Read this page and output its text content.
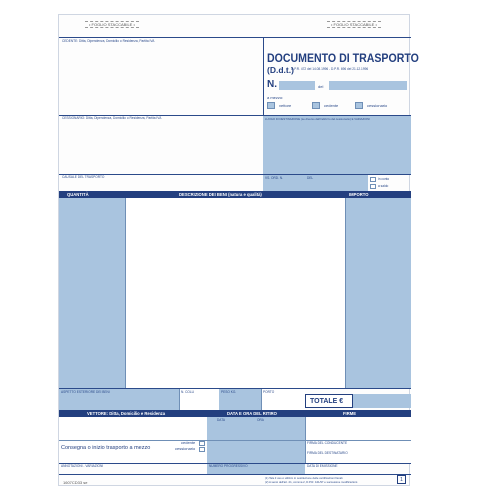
• FOGLIO STACCABILE •	• FOGLIO STACCABILE •
CEDENTE: Ditta, Dipendenza, Domicilio o Residenza, Partita IVA
DOCUMENTO DI TRASPORTO
(D.d.t.)
D.P.R. 472 del 14.08.1996 - D.P.R. 696 del 21.12.1996
N.	del
a mezzo:
vettore	cedente	cessionario
CESSIONARIO: Ditta, Dipendenza, Domicilio o Residenza, Partita IVA	LUOGO DI DESTINAZIONE (se diverso dall'indirizzo del cessionario) E VARIAZIONI
CAUSALE DEL TRASPORTO	VS. ORD. N.	DEL	in conto
a saldo
QUANTITÀ	DESCRIZIONE DEI BENI (natura e qualità)	IMPORTO
ASPETTO ESTERIORE DEI BENI	N. COLLI	PESO KG.	PORTO
TOTALE €
VETTORE: Ditta, Domicilio e Residenza	DATA E ORA DEL RITIRO	FIRME
DATA	ORA
Consegna o inizio trasporto a mezzo
cedente
cessionario
FIRMA DEL CONDUCENTE
FIRMA DEL DESTINATARIO
ANNOTAZIONI - VARIAZIONI	NUMERO PROGRESSIVO	DATA DI EMISSIONE
1607CD33 se
(1) Tale il uso è utilizzo in sostituzione delle certificazioni fiscali.
(2) A sensi dell'art. 21, comma 2, D.P.R. 441/97 e successive modificazioni.	1
